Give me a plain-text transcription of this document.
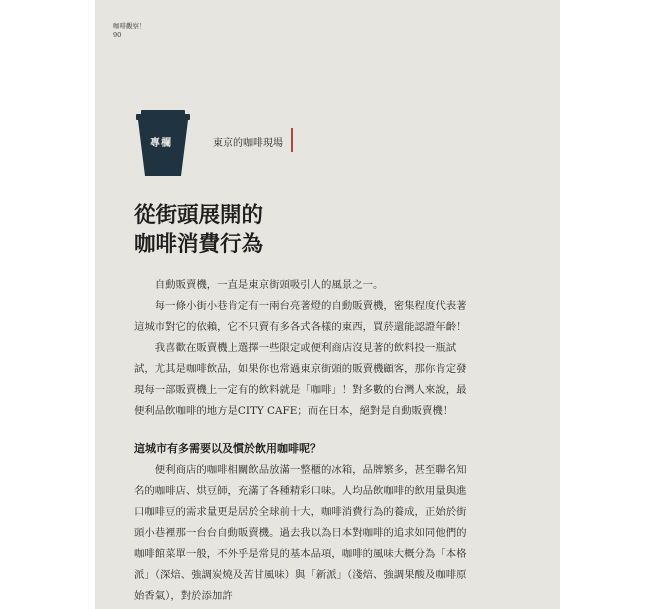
咖啡觀察！
90
專欄	東京的咖啡現場
從街頭展開的
咖啡消費行為

自動販賣機，一直是東京街頭吸引人的風景之一。

每一條小街小巷肯定有一兩台亮著燈的自動販賣機，密集程度代表著這城市對它的依賴，它不只賣有多各式各樣的東西，買菸還能認證年齡！

我喜歡在販賣機上選擇一些限定或便利商店沒見著的飲料投一瓶試試，尤其是咖啡飲品，如果你也常過東京街頭的販賣機顧客，那你肯定發現每一部販賣機上一定有的飲料就是「咖啡」！對多數的台灣人來說，最便利品飲咖啡的地方是CITY CAFE；而在日本，絕對是自動販賣機！

這城市有多需要以及慣於飲用咖啡呢？

便利商店的咖啡相關飲品放滿一整櫃的冰箱，品牌繁多，甚至聯名知名的咖啡店、烘豆師，充滿了各種精彩口味。人均品飲咖啡的飲用量與進口咖啡豆的需求量更是居於全球前十大，咖啡消費行為的養成，正始於街頭小巷裡那一台台自動販賣機。過去我以為日本對咖啡的追求如同他們的咖啡館菜單一般，不外乎是常見的基本品項，咖啡的風味大概分為「本格派」（深焙、強調炭燒及苦甘風味）與「新派」（淺焙、強調果酸及咖啡原始香氣），對於添加許
